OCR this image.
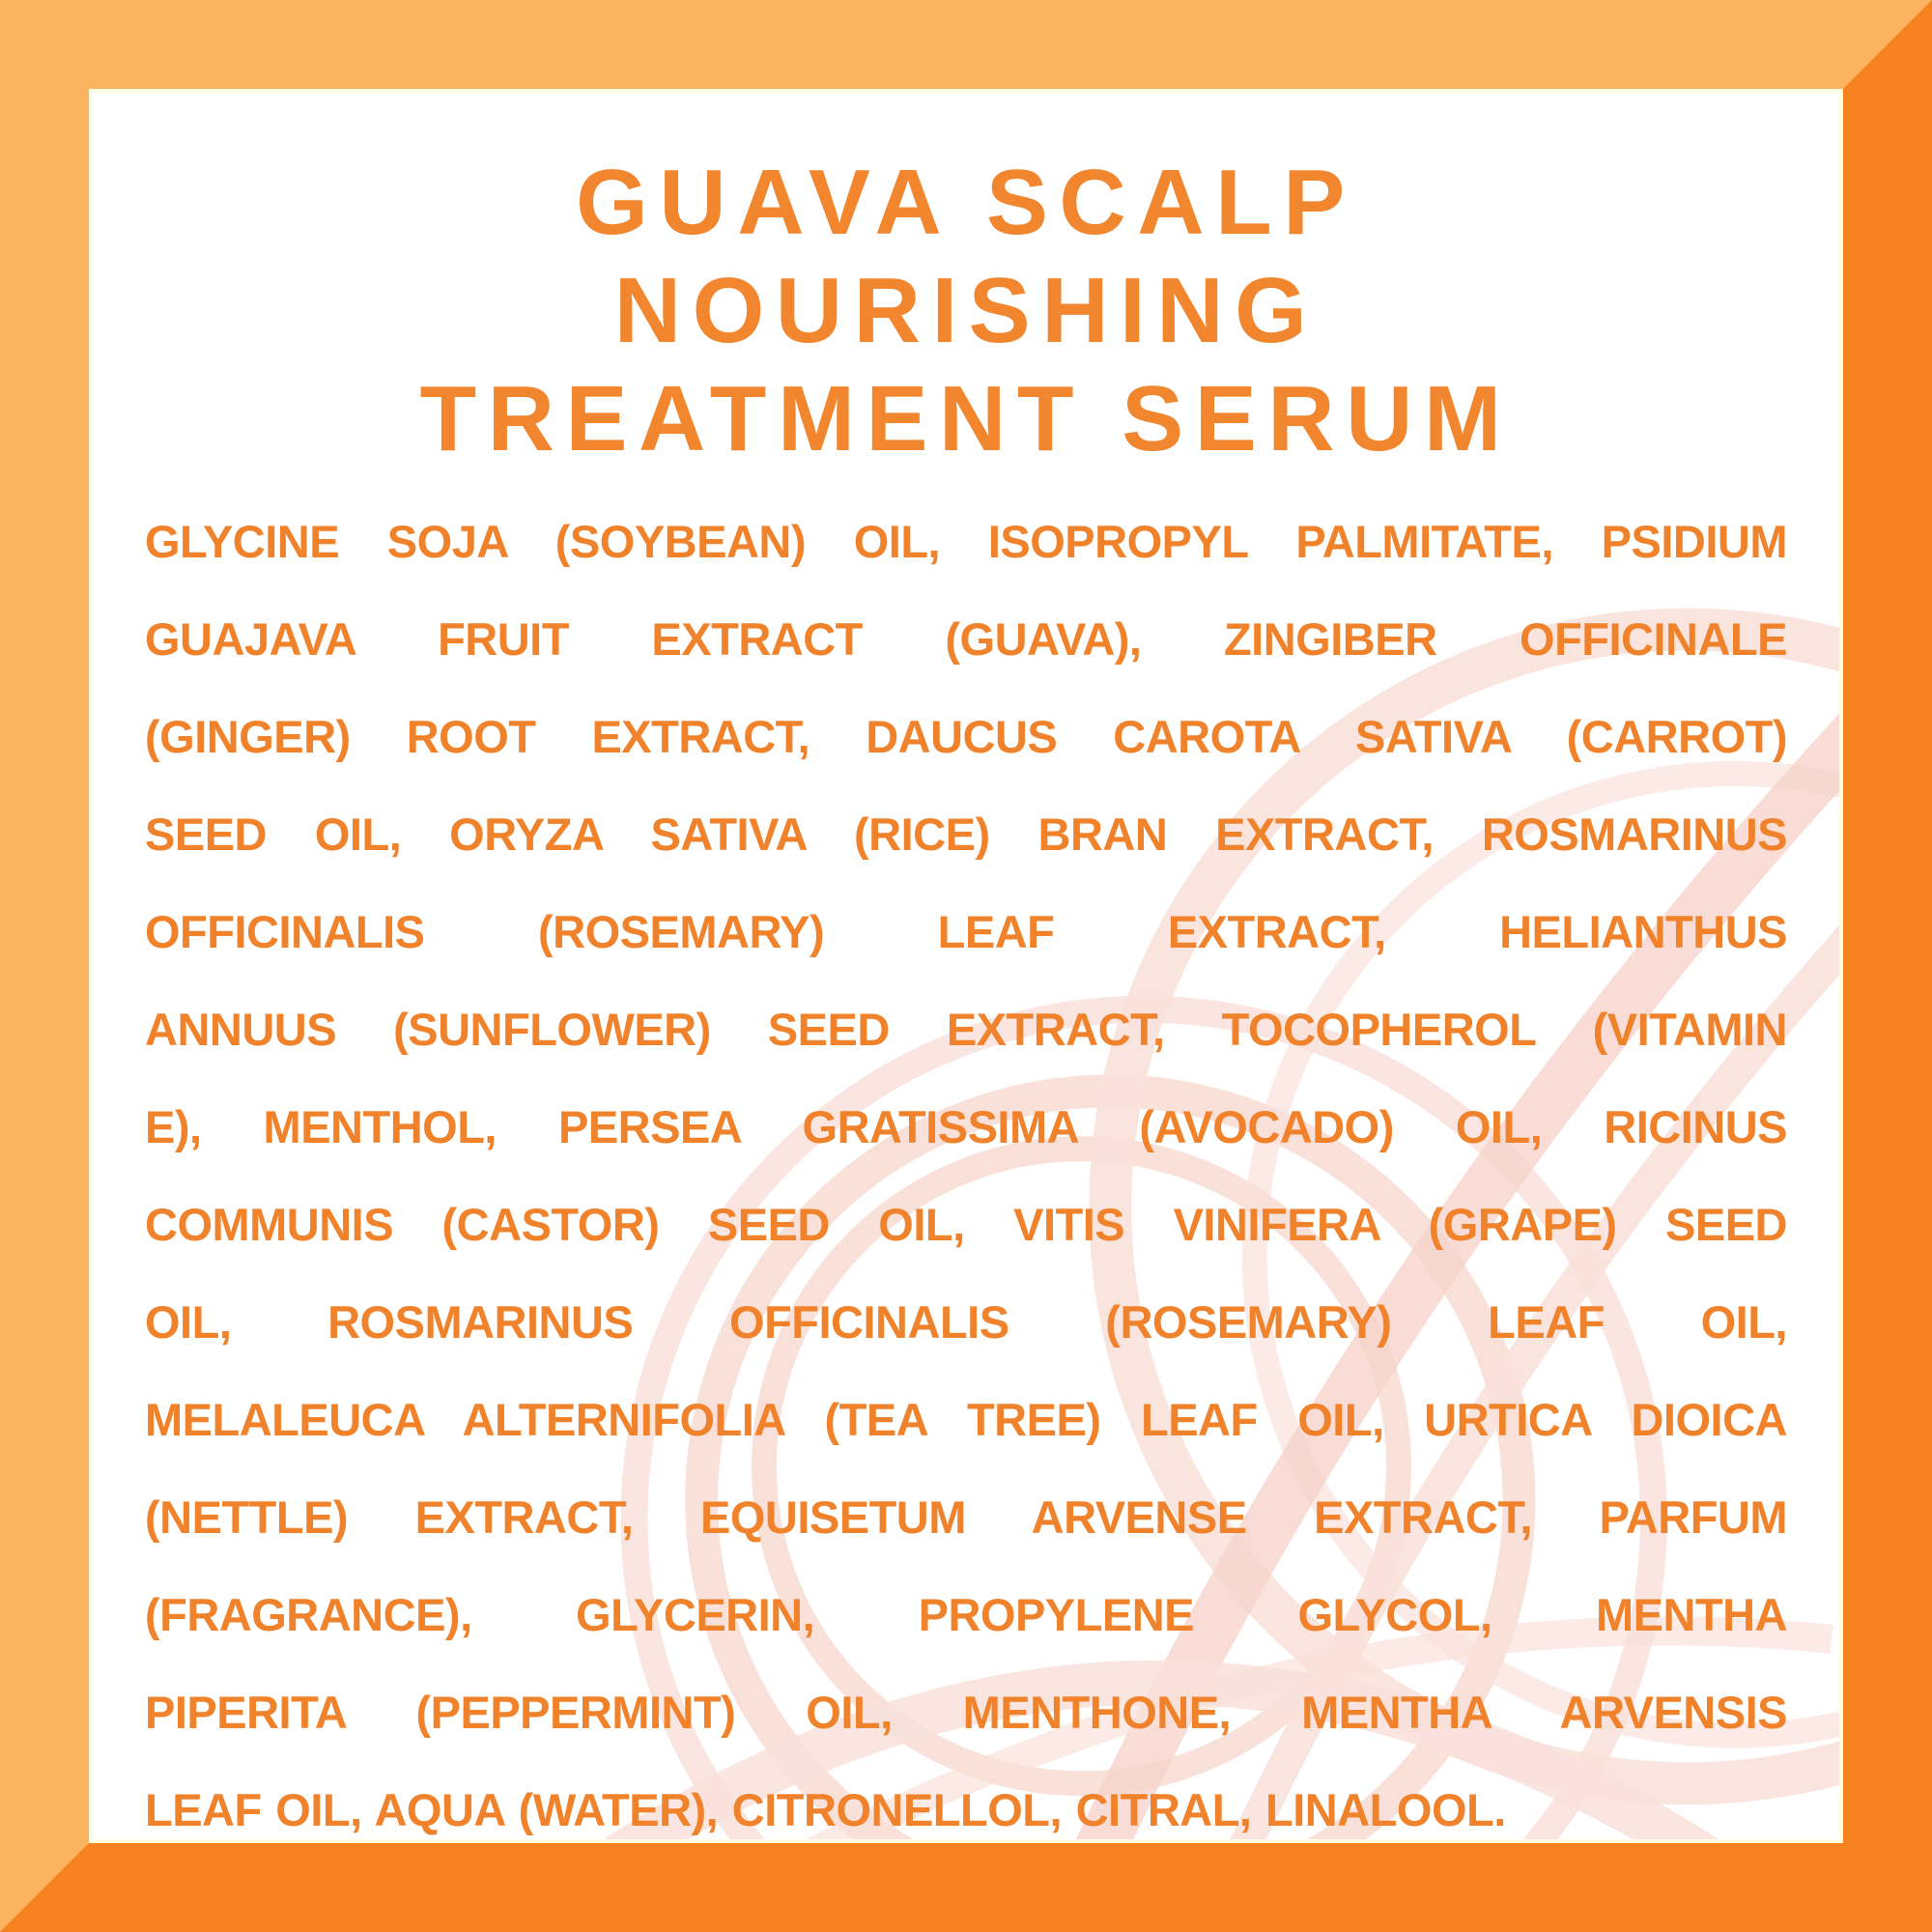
GUAVA SCALP
NOURISHING
TREATMENT SERUM
GLYCINE SOJA (SOYBEAN) OIL, ISOPROPYL PALMITATE, PSIDIUM
GUAJAVA FRUIT EXTRACT (GUAVA), ZINGIBER OFFICINALE
(GINGER) ROOT EXTRACT, DAUCUS CAROTA SATIVA (CARROT)
SEED OIL, ORYZA SATIVA (RICE) BRAN EXTRACT, ROSMARINUS
OFFICINALIS (ROSEMARY) LEAF EXTRACT, HELIANTHUS
ANNUUS (SUNFLOWER) SEED EXTRACT, TOCOPHEROL (VITAMIN
E), MENTHOL, PERSEA GRATISSIMA (AVOCADO) OIL, RICINUS
COMMUNIS (CASTOR) SEED OIL, VITIS VINIFERA (GRAPE) SEED
OIL, ROSMARINUS OFFICINALIS (ROSEMARY) LEAF OIL,
MELALEUCA ALTERNIFOLIA (TEA TREE) LEAF OIL, URTICA DIOICA
(NETTLE) EXTRACT, EQUISETUM ARVENSE EXTRACT, PARFUM
(FRAGRANCE), GLYCERIN, PROPYLENE GLYCOL, MENTHA
PIPERITA (PEPPERMINT) OIL, MENTHONE, MENTHA ARVENSIS
LEAF OIL, AQUA (WATER), CITRONELLOL, CITRAL, LINALOOL.
